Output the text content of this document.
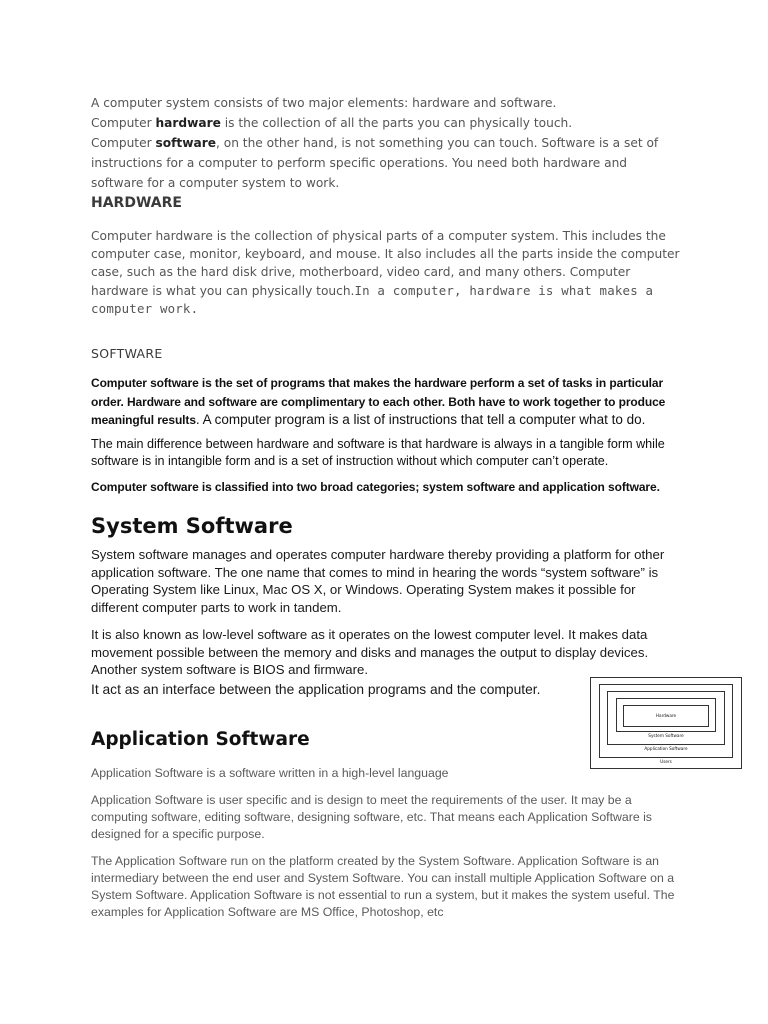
A computer system consists of two major elements: hardware and software.
Computer hardware is the collection of all the parts you can physically touch.
Computer software, on the other hand, is not something you can touch. Software is a set of instructions for a computer to perform specific operations. You need both hardware and software for a computer system to work.
HARDWARE
Computer hardware is the collection of physical parts of a computer system. This includes the computer case, monitor, keyboard, and mouse. It also includes all the parts inside the computer case, such as the hard disk drive, motherboard, video card, and many others. Computer hardware is what you can physically touch.In a computer, hardware is what makes a computer work.
SOFTWARE
Computer software is the set of programs that makes the hardware perform a set of tasks in particular order. Hardware and software are complimentary to each other. Both have to work together to produce meaningful results. A computer program is a list of instructions that tell a computer what to do.
The main difference between hardware and software is that hardware is always in a tangible form while software is in intangible form and is a set of instruction without which computer can’t operate.
Computer software is classified into two broad categories; system software and application software.
System Software
System software manages and operates computer hardware thereby providing a platform for other application software. The one name that comes to mind in hearing the words “system software” is Operating System like Linux, Mac OS X, or Windows. Operating System makes it possible for different computer parts to work in tandem.
It is also known as low-level software as it operates on the lowest computer level. It makes data movement possible between the memory and disks and manages the output to display devices. Another system software is BIOS and firmware.
It act as an interface between the application programs and the computer.
Hardware
System Software
Application Software
Users
Application Software
Application Software is a software written in a high-level language
Application Software is user specific and is design to meet the requirements of the user. It may be a computing software, editing software, designing software, etc. That means each Application Software is designed for a specific purpose.
The Application Software run on the platform created by the System Software. Application Software is an intermediary between the end user and System Software. You can install multiple Application Software on a System Software. Application Software is not essential to run a system, but it makes the system useful. The examples for Application Software are MS Office, Photoshop, etc
